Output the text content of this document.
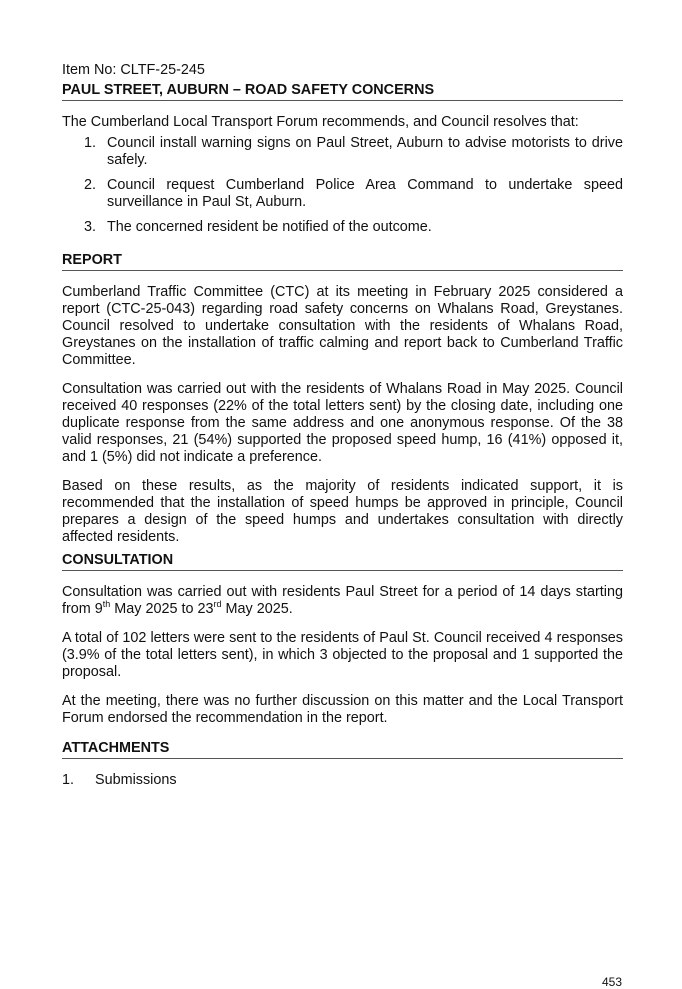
Item No: CLTF-25-245
PAUL STREET, AUBURN – ROAD SAFETY CONCERNS
The Cumberland Local Transport Forum recommends, and Council resolves that:
1. Council install warning signs on Paul Street, Auburn to advise motorists to drive safely.
2. Council request Cumberland Police Area Command to undertake speed surveillance in Paul St, Auburn.
3. The concerned resident be notified of the outcome.
REPORT

Cumberland Traffic Committee (CTC) at its meeting in February 2025 considered a report (CTC-25-043) regarding road safety concerns on Whalans Road, Greystanes. Council resolved to undertake consultation with the residents of Whalans Road, Greystanes on the installation of traffic calming and report back to Cumberland Traffic Committee.

Consultation was carried out with the residents of Whalans Road in May 2025. Council received 40 responses (22% of the total letters sent) by the closing date, including one duplicate response from the same address and one anonymous response. Of the 38 valid responses, 21 (54%) supported the proposed speed hump, 16 (41%) opposed it, and 1 (5%) did not indicate a preference.

Based on these results, as the majority of residents indicated support, it is recommended that the installation of speed humps be approved in principle, Council prepares a design of the speed humps and undertakes consultation with directly affected residents.

CONSULTATION

Consultation was carried out with residents Paul Street for a period of 14 days starting from 9th May 2025 to 23rd May 2025.

A total of 102 letters were sent to the residents of Paul St. Council received 4 responses (3.9% of the total letters sent), in which 3 objected to the proposal and 1 supported the proposal.

At the meeting, there was no further discussion on this matter and the Local Transport Forum endorsed the recommendation in the report.

ATTACHMENTS
1. Submissions
453
